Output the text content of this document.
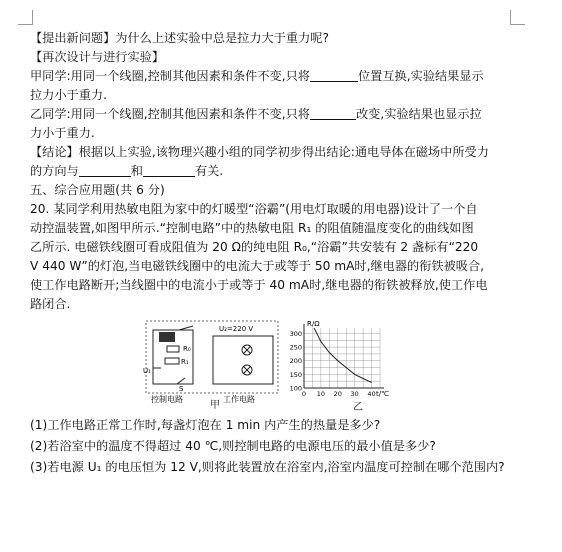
【提出新问题】为什么上述实验中总是拉力大于重力呢?
【再次设计与进行实验】
甲同学:用同一个线圈,控制其他因素和条件不变,只将	位置互换,实验结果显示
拉力小于重力.
乙同学:用同一个线圈,控制其他因素和条件不变,只将	改变,实验结果也显示拉
力小于重力.
【结论】根据以上实验,该物理兴趣小组的同学初步得出结论:通电导体在磁场中所受力
的方向与	和	有关.
五、综合应用题(共 6 分)
20. 某同学利用热敏电阻为家中的灯暖型“浴霸”(用电灯取暖的用电器)设计了一个自
动控温装置,如图甲所示.“控制电路”中的热敏电阻 R₁ 的阻值随温度变化的曲线如图
乙所示. 电磁铁线圈可看成阻值为 20 Ω的纯电阻 R₀,“浴霸”共安装有 2 盏标有“220
V 440 W”的灯泡,当电磁铁线圈中的电流大于或等于 50 mA时,继电器的衔铁被吸合,
使工作电路断开;当线圈中的电流小于或等于 40 mA时,继电器的衔铁被释放,使工作电
路闭合.
R₀
R₁
U₁
S
U₂=220 V
控制电路	工作电路
甲
100
150
200
250
300
0 10 20 30 40
R/Ω
t/℃
乙
(1)工作电路正常工作时,每盏灯泡在 1 min 内产生的热量是多少?
(2)若浴室中的温度不得超过 40 ℃,则控制电路的电源电压的最小值是多少?
(3)若电源 U₁ 的电压恒为 12 V,则将此装置放在浴室内,浴室内温度可控制在哪个范围内?
